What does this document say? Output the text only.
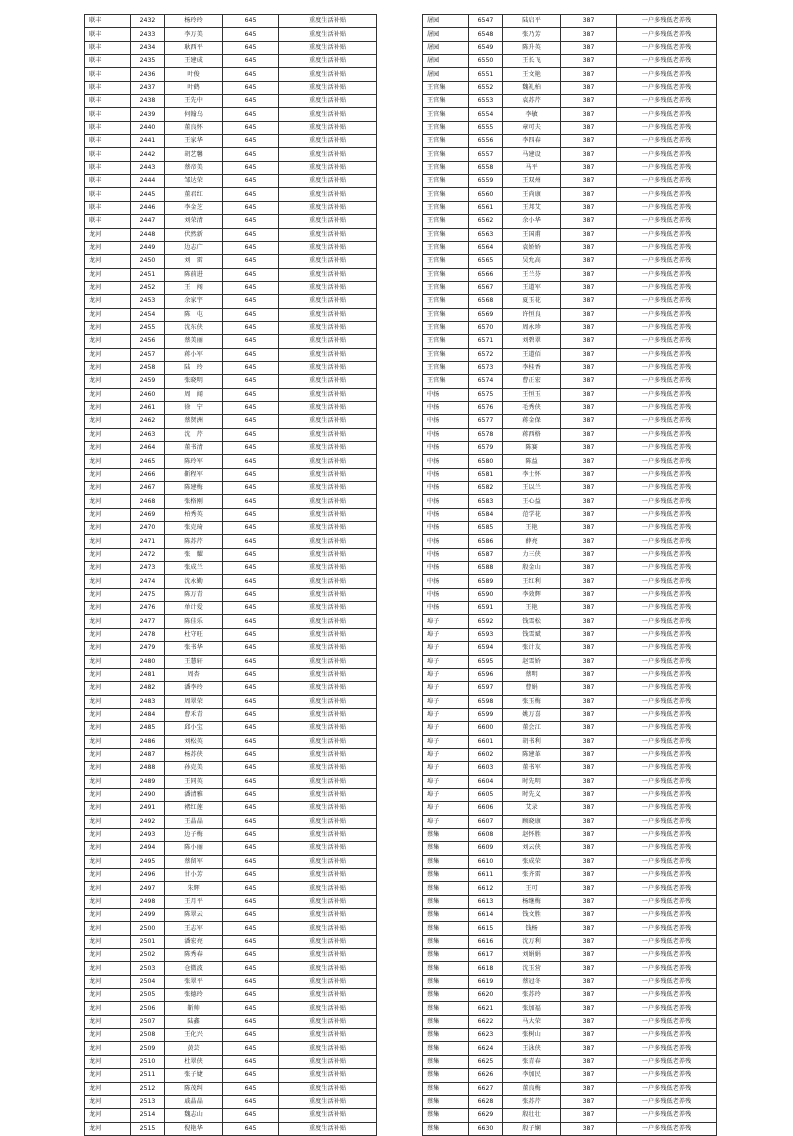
联丰	2432	杨玲玲	645	重度生活补贴
联丰	2433	李万美	645	重度生活补贴
联丰	2434	耿西平	645	重度生活补贴
联丰	2435	王建成	645	重度生活补贴
联丰	2436	叶俊	645	重度生活补贴
联丰	2437	叶鹤	645	重度生活补贴
联丰	2438	王先中	645	重度生活补贴
联丰	2439	何翰乌	645	重度生活补贴
联丰	2440	董良怀	645	重度生活补贴
联丰	2441	王家华	645	重度生活补贴
联丰	2442	胡艺馨	645	重度生活补贴
联丰	2443	蔡帝美	645	重度生活补贴
联丰	2444	邹达荣	645	重度生活补贴
联丰	2445	董君红	645	重度生活补贴
联丰	2446	李金芝	645	重度生活补贴
联丰	2447	刘荣清	645	重度生活补贴
龙河	2448	伏然新	645	重度生活补贴
龙河	2449	边志广	645	重度生活补贴
龙河	2450	刘　雷	645	重度生活补贴
龙河	2451	陈前进	645	重度生活补贴
龙河	2452	王　闯	645	重度生活补贴
龙河	2453	余家宇	645	重度生活补贴
龙河	2454	陈　屯	645	重度生活补贴
龙河	2455	沈东侠	645	重度生活补贴
龙河	2456	蔡美丽	645	重度生活补贴
龙河	2457	蒋小军	645	重度生活补贴
龙河	2458	陆　玲	645	重度生活补贴
龙河	2459	张晓明	645	重度生活补贴
龙河	2460	周　闻	645	重度生活补贴
龙河	2461	徐　宁	645	重度生活补贴
龙河	2462	蔡贤洲	645	重度生活补贴
龙河	2463	沈　芹	645	重度生活补贴
龙河	2464	董书清	645	重度生活补贴
龙河	2465	陈玲军	645	重度生活补贴
龙河	2466	靳程军	645	重度生活补贴
龙河	2467	陈建梅	645	重度生活补贴
龙河	2468	张格刚	645	重度生活补贴
龙河	2469	柏秀英	645	重度生活补贴
龙河	2470	张克琦	645	重度生活补贴
龙河	2471	陈苏芹	645	重度生活补贴
龙河	2472	张　耀	645	重度生活补贴
龙河	2473	张成兰	645	重度生活补贴
龙河	2474	沈永勤	645	重度生活补贴
龙河	2475	陈万青	645	重度生活补贴
龙河	2476	单计爱	645	重度生活补贴
龙河	2477	陈佳乐	645	重度生活补贴
龙河	2478	杜守旺	645	重度生活补贴
龙河	2479	张书华	645	重度生活补贴
龙河	2480	王慧轩	645	重度生活补贴
龙河	2481	周杏	645	重度生活补贴
龙河	2482	潘李玲	645	重度生活补贴
龙河	2483	周翠荣	645	重度生活补贴
龙河	2484	曹禾青	645	重度生活补贴
龙河	2485	邱小宝	645	重度生活补贴
龙河	2486	刘松英	645	重度生活补贴
龙河	2487	杨苏侠	645	重度生活补贴
龙河	2488	孙克美	645	重度生活补贴
龙河	2489	王同英	645	重度生活补贴
龙河	2490	潘清雅	645	重度生活补贴
龙河	2491	褚红莲	645	重度生活补贴
龙河	2492	王晶晶	645	重度生活补贴
龙河	2493	边子梅	645	重度生活补贴
龙河	2494	陈小丽	645	重度生活补贴
龙河	2495	蔡留军	645	重度生活补贴
龙河	2496	甘小芳	645	重度生活补贴
龙河	2497	朱辉	645	重度生活补贴
龙河	2498	王月平	645	重度生活补贴
龙河	2499	陈翠云	645	重度生活补贴
龙河	2500	王志军	645	重度生活补贴
龙河	2501	潘宏亮	645	重度生活补贴
龙河	2502	陈秀春	645	重度生活补贴
龙河	2503	仓微波	645	重度生活补贴
龙河	2504	张翠平	645	重度生活补贴
龙河	2505	张德玲	645	重度生活补贴
龙河	2506	靳帅	645	重度生活补贴
龙河	2507	陆鑫	645	重度生活补贴
龙河	2508	王化兴	645	重度生活补贴
龙河	2509	黄芸	645	重度生活补贴
龙河	2510	杜翠侠	645	重度生活补贴
龙河	2511	张子婕	645	重度生活补贴
龙河	2512	陈茂纠	645	重度生活补贴
龙河	2513	戚晶晶	645	重度生活补贴
龙河	2514	魏志山	645	重度生活补贴
龙河	2515	倪艳华	645	重度生活补贴
屠园	6547	陆启平	387	一户多残低老养残
屠园	6548	张乃芳	387	一户多残低老养残
屠园	6549	陈升英	387	一户多残低老养残
屠园	6550	王长飞	387	一户多残低老养残
屠园	6551	王文艳	387	一户多残低老养残
王官集	6552	魏礼柏	387	一户多残低老养残
王官集	6553	袁苏芹	387	一户多残低老养残
王官集	6554	李敏	387	一户多残低老养残
王官集	6555	章可夫	387	一户多残低老养残
王官集	6556	李四春	387	一户多残低老养残
王官集	6557	马建设	387	一户多残低老养残
王官集	6558	马平	387	一户多残低老养残
王官集	6559	王双州	387	一户多残低老养残
王官集	6560	王尚康	387	一户多残低老养残
王官集	6561	王邦艾	387	一户多残低老养残
王官集	6562	余小华	387	一户多残低老养残
王官集	6563	王国甫	387	一户多残低老养残
王官集	6564	袁娇娇	387	一户多残低老养残
王官集	6565	吴允高	387	一户多残低老养残
王官集	6566	王兰芬	387	一户多残低老养残
王官集	6567	王道军	387	一户多残低老养残
王官集	6568	夏玉花	387	一户多残低老养残
王官集	6569	许恒良	387	一户多残低老养残
王官集	6570	周永珍	387	一户多残低老养残
王官集	6571	刘碧翠	387	一户多残低老养残
王官集	6572	王道佰	387	一户多残低老养残
王官集	6573	李桂香	387	一户多残低老养残
王官集	6574	曹正宏	387	一户多残低老养残
中扬	6575	王恒玉	387	一户多残低老养残
中扬	6576	毛秀侠	387	一户多残低老养残
中扬	6577	蒋金保	387	一户多残低老养残
中扬	6578	蒋西格	387	一户多残低老养残
中扬	6579	陈赛	387	一户多残低老养残
中扬	6580	陈益	387	一户多残低老养残
中扬	6581	李士怀	387	一户多残低老养残
中扬	6582	王以兰	387	一户多残低老养残
中扬	6583	王心益	387	一户多残低老养残
中扬	6584	范学花	387	一户多残低老养残
中扬	6585	王艳	387	一户多残低老养残
中扬	6586	薛亮	387	一户多残低老养残
中扬	6587	力三侠	387	一户多残低老养残
中扬	6588	殷金山	387	一户多残低老养残
中扬	6589	王红利	387	一户多残低老养残
中扬	6590	李效辉	387	一户多残低老养残
中扬	6591	王艳	387	一户多残低老养残
埠子	6592	钱雪松	387	一户多残低老养残
埠子	6593	钱雪斌	387	一户多残低老养残
埠子	6594	张计友	387	一户多残低老养残
埠子	6595	赵雪娇	387	一户多残低老养残
埠子	6596	蔡明	387	一户多残低老养残
埠子	6597	曹娟	387	一户多残低老养残
埠子	6598	张玉梅	387	一户多残低老养残
埠子	6599	姚万喜	387	一户多残低老养残
埠子	6600	董会江	387	一户多残低老养残
埠子	6601	胡书利	387	一户多残低老养残
埠子	6602	陈建革	387	一户多残低老养残
埠子	6603	董书军	387	一户多残低老养残
埠子	6604	时先明	387	一户多残低老养残
埠子	6605	时先义	387	一户多残低老养残
埠子	6606	艾录	387	一户多残低老养残
埠子	6607	顾晓康	387	一户多残低老养残
蔡集	6608	赵怀胜	387	一户多残低老养残
蔡集	6609	刘云侠	387	一户多残低老养残
蔡集	6610	张成荣	387	一户多残低老养残
蔡集	6611	张齐雷	387	一户多残低老养残
蔡集	6612	王可	387	一户多残低老养残
蔡集	6613	杨继梅	387	一户多残低老养残
蔡集	6614	钱文胜	387	一户多残低老养残
蔡集	6615	钱杨	387	一户多残低老养残
蔡集	6616	沈万利	387	一户多残低老养残
蔡集	6617	刘娟娟	387	一户多残低老养残
蔡集	6618	沈玉营	387	一户多残低老养残
蔡集	6619	蔡冠冬	387	一户多残低老养残
蔡集	6620	张苏玲	387	一户多残低老养残
蔡集	6621	张加福	387	一户多残低老养残
蔡集	6622	马大荣	387	一户多残低老养残
蔡集	6623	张树山	387	一户多残低老养残
蔡集	6624	王泳侠	387	一户多残低老养残
蔡集	6625	张青春	387	一户多残低老养残
蔡集	6626	李加民	387	一户多残低老养残
蔡集	6627	董良梅	387	一户多残低老养残
蔡集	6628	张苏芹	387	一户多残低老养残
蔡集	6629	殷壮壮	387	一户多残低老养残
蔡集	6630	殷子娴	387	一户多残低老养残
